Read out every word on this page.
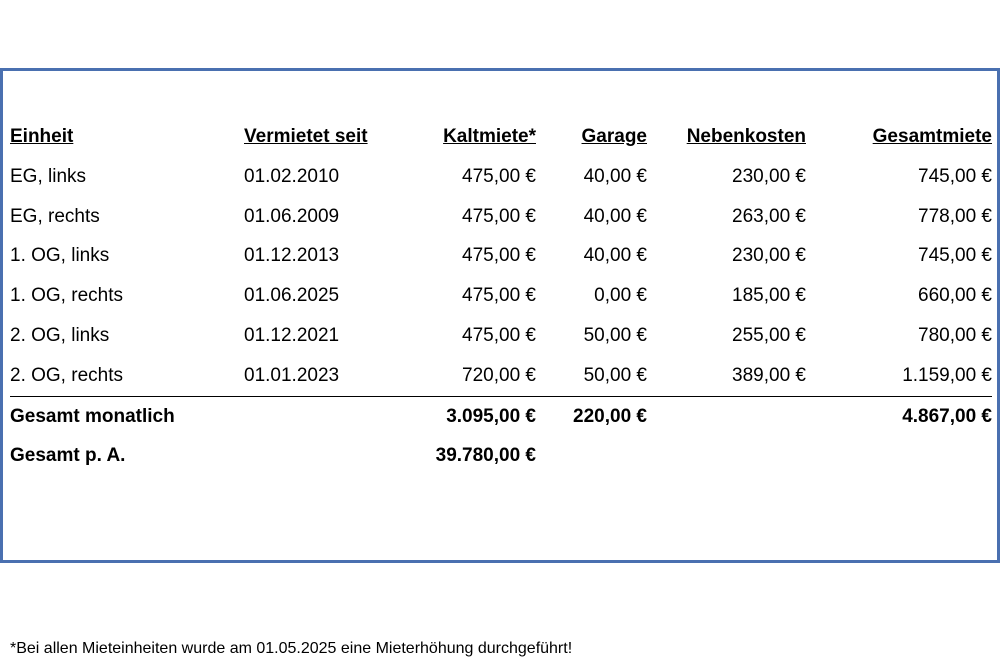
Einheit	Vermietet seit	Kaltmiete*	Garage	Nebenkosten	Gesamtmiete
EG, links	01.02.2010	475,00 €	40,00 €	230,00 €	745,00 €
EG, rechts	01.06.2009	475,00 €	40,00 €	263,00 €	778,00 €
1. OG, links	01.12.2013	475,00 €	40,00 €	230,00 €	745,00 €
1. OG, rechts	01.06.2025	475,00 €	0,00 €	185,00 €	660,00 €
2. OG, links	01.12.2021	475,00 €	50,00 €	255,00 €	780,00 €
2. OG, rechts	01.01.2023	720,00 €	50,00 €	389,00 €	1.159,00 €
Gesamt monatlich		3.095,00 €	220,00 €		4.867,00 €
Gesamt p. A.		39.780,00 €			
*Bei allen Mieteinheiten wurde am 01.05.2025 eine Mieterhöhung durchgeführt!
